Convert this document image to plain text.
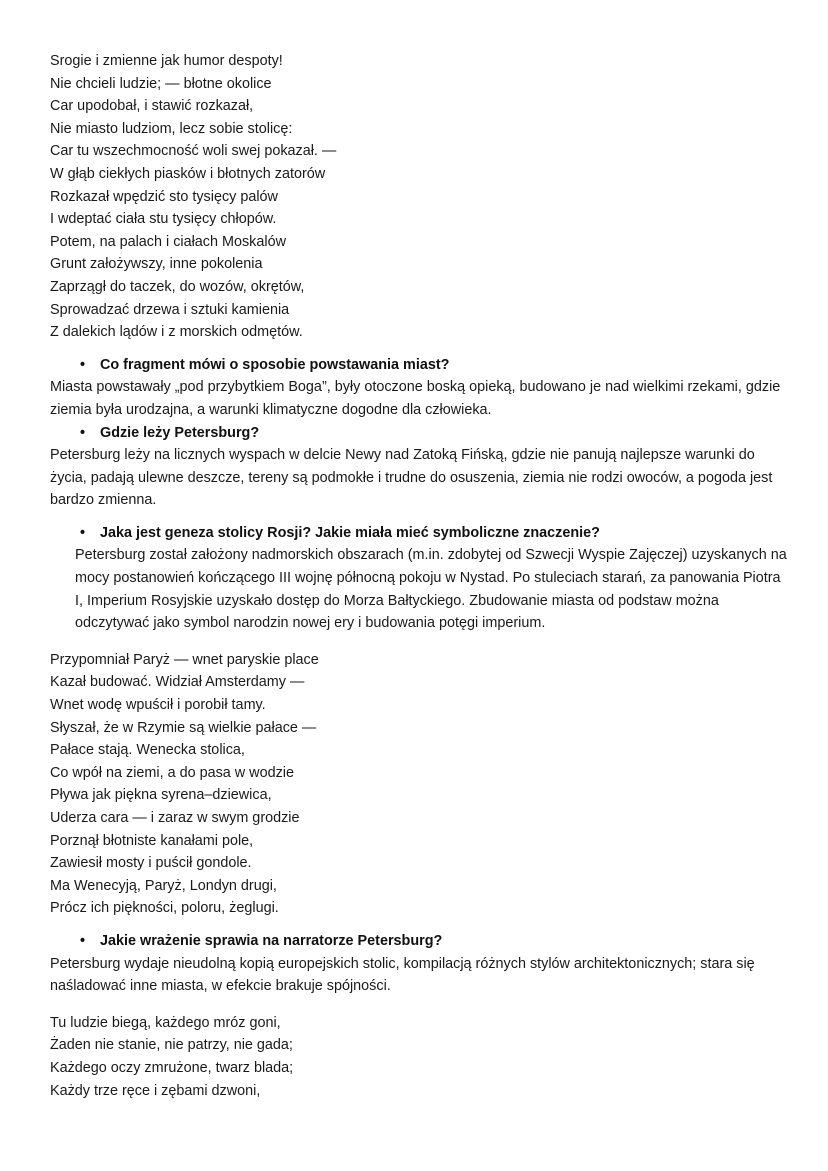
Srogie i zmienne jak humor despoty!
Nie chcieli ludzie; — błotne okolice
Car upodobał, i stawić rozkazał,
Nie miasto ludziom, lecz sobie stolicę:
Car tu wszechmocność woli swej pokazał. —
W głąb ciekłych piasków i błotnych zatorów
Rozkazał wpędzić sto tysięcy palów
I wdeptać ciała stu tysięcy chłopów.
Potem, na palach i ciałach Moskalów
Grunt założywszy, inne pokolenia
Zaprzągł do taczek, do wozów, okrętów,
Sprowadzać drzewa i sztuki kamienia
Z dalekich lądów i z morskich odmętów.
• Co fragment mówi o sposobie powstawania miast?
Miasta powstawały „pod przybytkiem Boga”, były otoczone boską opieką, budowano je nad wielkimi rzekami, gdzie ziemia była urodzajna, a warunki klimatyczne dogodne dla człowieka.
• Gdzie leży Petersburg?
Petersburg leży na licznych wyspach w delcie Newy nad Zatoką Fińską, gdzie nie panują najlepsze warunki do życia, padają ulewne deszcze, tereny są podmokłe i trudne do osuszenia, ziemia nie rodzi owoców, a pogoda jest bardzo zmienna.
• Jaka jest geneza stolicy Rosji? Jakie miała mieć symboliczne znaczenie?
Petersburg został założony nadmorskich obszarach (m.in. zdobytej od Szwecji Wyspie Zajęczej) uzyskanych na mocy postanowień kończącego III wojnę północną pokoju w Nystad. Po stuleciach starań, za panowania Piotra I, Imperium Rosyjskie uzyskało dostęp do Morza Bałtyckiego. Zbudowanie miasta od podstaw można odczytywać jako symbol narodzin nowej ery i budowania potęgi imperium.
Przypomniał Paryż — wnet paryskie place
Kazał budować. Widział Amsterdamy —
Wnet wodę wpuścił i porobił tamy.
Słyszał, że w Rzymie są wielkie pałace —
Pałace stają. Wenecka stolica,
Co wpół na ziemi, a do pasa w wodzie
Pływa jak piękna syrena–dziewica,
Uderza cara — i zaraz w swym grodzie
Porznął błotniste kanałami pole,
Zawiesił mosty i puścił gondole.
Ma Wenecyją, Paryż, Londyn drugi,
Prócz ich piękności, poloru, żeglugi.
• Jakie wrażenie sprawia na narratorze Petersburg?
Petersburg wydaje nieudolną kopią europejskich stolic, kompilacją różnych stylów architektonicznych; stara się naśladować inne miasta, w efekcie brakuje spójności.
Tu ludzie biegą, każdego mróz goni,
Żaden nie stanie, nie patrzy, nie gada;
Każdego oczy zmrużone, twarz blada;
Każdy trze ręce i zębami dzwoni,
